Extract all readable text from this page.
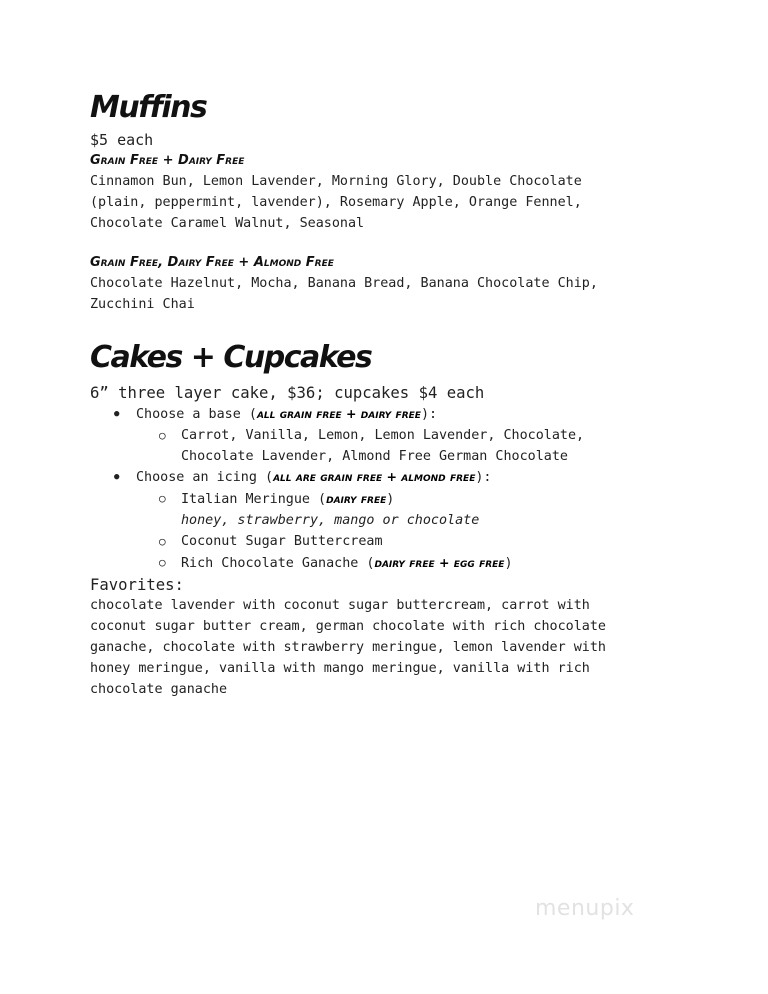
Muffins
$5 each
Grain Free + Dairy Free
Cinnamon Bun, Lemon Lavender, Morning Glory, Double Chocolate
(plain, peppermint, lavender), Rosemary Apple, Orange Fennel,
Chocolate Caramel Walnut, Seasonal
Grain Free, Dairy Free + Almond Free
Chocolate Hazelnut, Mocha, Banana Bread, Banana Chocolate Chip,
Zucchini Chai
Cakes + Cupcakes
6” three layer cake, $36; cupcakes $4 each
● Choose a base (all grain free + dairy free):
○ Carrot, Vanilla, Lemon, Lemon Lavender, Chocolate,
Chocolate Lavender, Almond Free German Chocolate
● Choose an icing (all are grain free + almond free):
○ Italian Meringue (dairy free)
honey, strawberry, mango or chocolate
○ Coconut Sugar Buttercream
○ Rich Chocolate Ganache (dairy free + egg free)
Favorites:
chocolate lavender with coconut sugar buttercream, carrot with
coconut sugar butter cream, german chocolate with rich chocolate
ganache, chocolate with strawberry meringue, lemon lavender with
honey meringue, vanilla with mango meringue, vanilla with rich
chocolate ganache
menupix
